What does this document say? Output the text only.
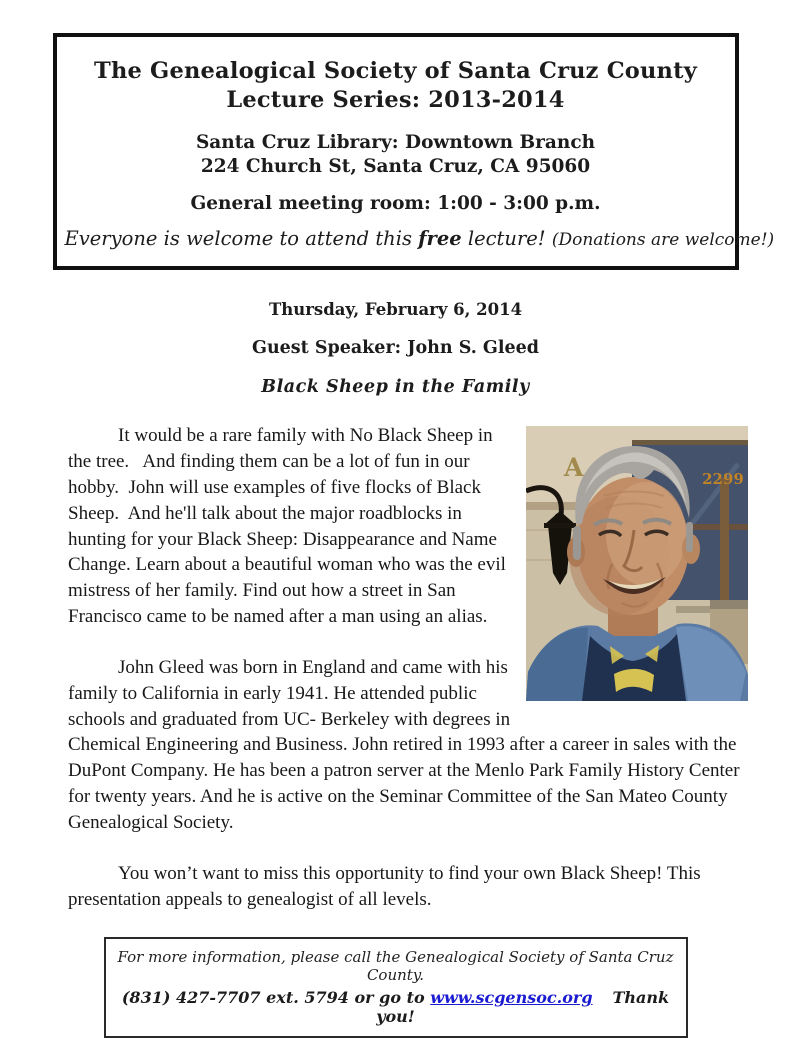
The Genealogical Society of Santa Cruz County
Lecture Series: 2013-2014
Santa Cruz Library: Downtown Branch
224 Church St, Santa Cruz, CA 95060
General meeting room: 1:00 - 3:00 p.m.
Everyone is welcome to attend this free lecture! (Donations are welcome!)
Thursday, February 6, 2014
Guest Speaker: John S. Gleed
Black Sheep in the Family
A	2299

It would be a rare family with No Black Sheep in the tree.   And finding them can be a lot of fun in our hobby.  John will use examples of five flocks of Black Sheep.  And he'll talk about the major roadblocks in hunting for your Black Sheep: Disappearance and Name Change. Learn about a beautiful woman who was the evil mistress of her family. Find out how a street in San Francisco came to be named after a man using an alias.

John Gleed was born in England and came with his family to California in early 1941. He attended public schools and graduated from UC- Berkeley with degrees in Chemical Engineering and Business. John retired in 1993 after a career in sales with the DuPont Company. He has been a patron server at the Menlo Park Family History Center for twenty years. And he is active on the Seminar Committee of the San Mateo County Genealogical Society.

You won’t want to miss this opportunity to find your own Black Sheep! This presentation appeals to genealogist of all levels.

For more information, please call the Genealogical Society of Santa Cruz County.
(831) 427-7707 ext. 5794 or go to www.scgensoc.org Thank you!
